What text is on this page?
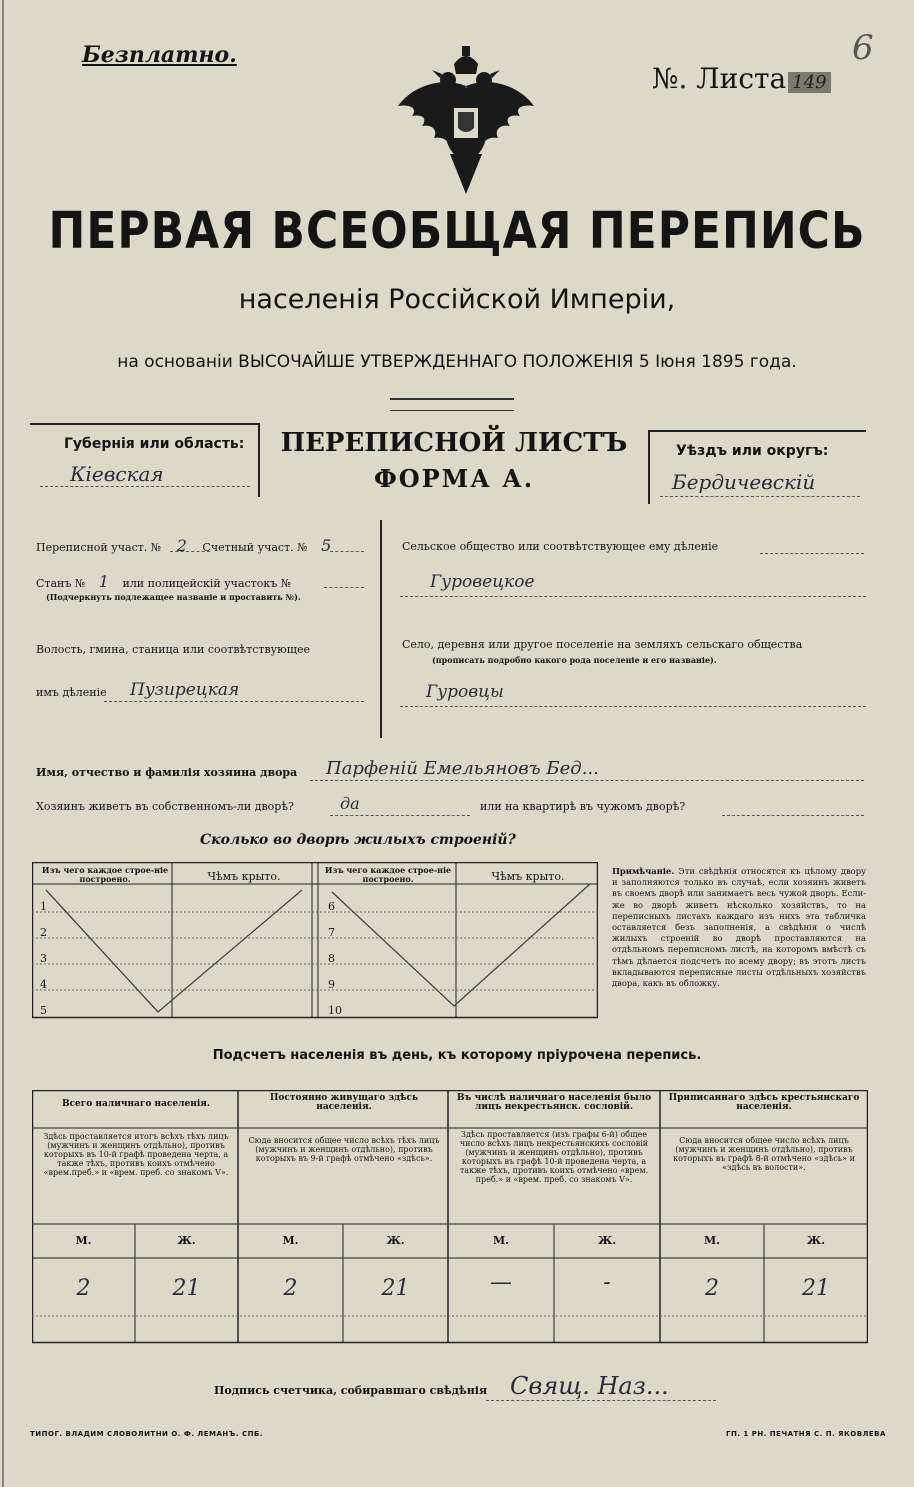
Безплатно.
№. Листа 149
6
ПЕРВАЯ ВСЕОБЩАЯ ПЕРЕПИСЬ
населенія Россійской Имперіи,
на основаніи ВЫСОЧАЙШЕ УТВЕРЖДЕННАГО ПОЛОЖЕНІЯ 5 Іюня 1895 года.
Губернія или область:
Кіевская
ПЕРЕПИСНОЙ ЛИСТЪ
ФОРМА А.
Уѣздъ или округъ:
Бердичевскій
Переписной участ. № 2 Счетный участ. № 5
Станъ № 1 или полицейскій участокъ №
(Подчеркнуть подлежащее названіе и проставить №).
Волость, гмина, станица или соотвѣтствующее
имъ дѣленіе Пузирецкая
Сельское общество или соотвѣтствующее ему дѣленіе
Гуровецкое
Село, деревня или другое поселеніе на земляхъ сельскаго общества
(прописать подробно какого рода поселеніе и его названіе).
Гуровцы
Имя, отчество и фамилія хозяина двора Парфеній Емельяновъ Бед...
Хозяинъ живетъ въ собственномъ-ли дворѣ?	да	или на квартирѣ въ чужомъ дворѣ?
Сколько во дворѣ жилыхъ строеній?
Изъ чего каждое строе-ніе построено.	Чѣмъ крыто.	Изъ чего каждое строе-ніе построено.	Чѣмъ крыто.
1
2
3
4
5
6
7
8
9
10
Примѣчаніе. Эти свѣдѣнія относятся къ цѣлому двору и заполняются только въ случаѣ, если хозяинъ живетъ въ своемъ дворѣ или занимаетъ весь чужой дворъ. Если-же во дворѣ живетъ нѣсколько хозяйствъ, то на переписныхъ листахъ каждаго изъ нихъ эта табличка оставляется безъ заполненія, а свѣдѣнія о числѣ жилыхъ строеній во дворѣ проставляются на отдѣльномъ переписномъ листѣ, на которомъ вмѣстѣ съ тѣмъ дѣлается подсчетъ по всему двору; въ этотъ листъ вкладываются переписные листы отдѣльныхъ хозяйствъ двора, какъ въ обложку.
Подсчетъ населенія въ день, къ которому пріурочена перепись.
Всего наличнаго населенія.
Постоянно живущаго здѣсь населенія.
Въ числѣ наличнаго населенія было лицъ некрестьянск. сословій.
Приписаннаго здѣсь крестьянскаго населенія.
Здѣсь проставляется итогъ всѣхъ тѣхъ лицъ (мужчинъ и женщинъ отдѣльно), противъ которыхъ въ 10-й графѣ проведена черта, а также тѣхъ, противъ коихъ отмѣчено «врем.преб.» и «врем. преб. со знакомъ V».
Сюда вносится общее число всѣхъ тѣхъ лицъ (мужчинъ и женщинъ отдѣльно), противъ которыхъ въ 9-й графѣ отмѣчено «здѣсь».
Здѣсь проставляется (изъ графы 6-й) общее число всѣхъ лицъ некрестьянскихъ сословій (мужчинъ и женщинъ отдѣльно), противъ которыхъ въ графѣ 10-й проведена черта, а также тѣхъ, противъ коихъ отмѣчено «врем. преб.» и «врем. преб. со знакомъ V».
Сюда вносится общее число всѣхъ лицъ (мужчинъ и женщинъ отдѣльно), противъ которыхъ въ графѣ 8-й отмѣчено «здѣсь» и «здѣсь въ волости».
М.	Ж.	М.	Ж.	М.	Ж.	М.	Ж.
2	21	2	21	—	-	2	21
Подпись счетчика, собиравшаго свѣдѣнія Свящ. Наз...
ТИПОГ. ВЛАДИМ СЛОВОЛИТНИ О. Ф. ЛЕМАНЪ. СПБ.	ГП. 1 РН. ПЕЧАТНЯ С. П. ЯКОВЛЕВА
